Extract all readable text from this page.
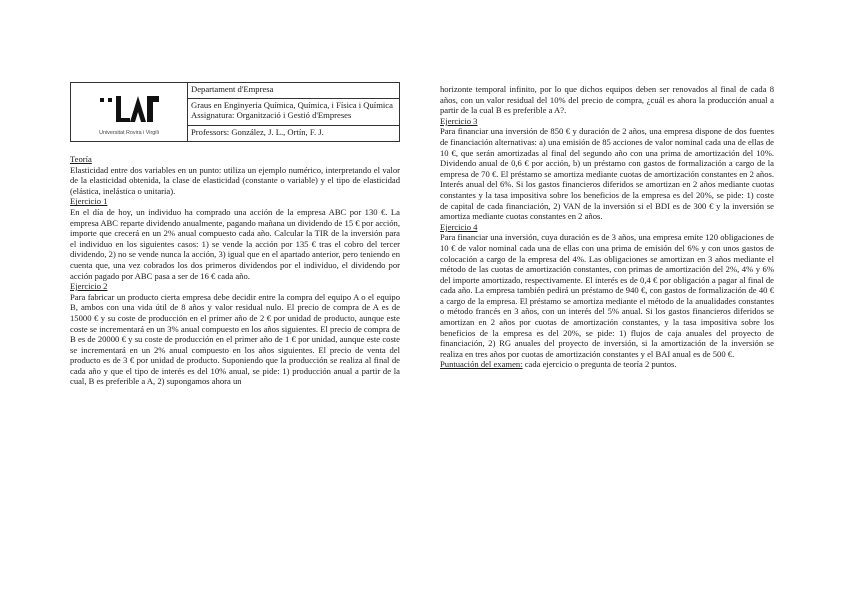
Universitat Rovira i Virgili
	Departament d'Empresa

Graus en Enginyeria Química, Química, i Física i Química
Assignatura: Organització i Gestió d'Empreses

Professors: González, J. L., Ortín, F. J.

Teoría

Elasticidad entre dos variables en un punto: utiliza un ejemplo numérico, interpretando el valor de la elasticidad obtenida, la clase de elasticidad (constante o variable) y el tipo de elasticidad (elástica, inelástica o unitaria).

Ejercicio 1

En el día de hoy, un individuo ha comprado una acción de la empresa ABC por 130 €. La empresa ABC reparte dividendo anualmente, pagando mañana un dividendo de 15 € por acción, importe que crecerá en un 2% anual compuesto cada año. Calcular la TIR de la inversión para el individuo en los siguientes casos: 1) se vende la acción por 135 € tras el cobro del tercer dividendo, 2) no se vende nunca la acción, 3) igual que en el apartado anterior, pero teniendo en cuenta que, una vez cobrados los dos primeros dividendos por el individuo, el dividendo por acción pagado por ABC pasa a ser de 16 € cada año.

Ejercicio 2

Para fabricar un producto cierta empresa debe decidir entre la compra del equipo A o el equipo B, ambos con una vida útil de 8 años y valor residual nulo. El precio de compra de A es de 15000 € y su coste de producción en el primer año de 2 € por unidad de producto, aunque este coste se incrementará en un 3% anual compuesto en los años siguientes. El precio de compra de B es de 20000 € y su coste de producción en el primer año de 1 € por unidad, aunque este coste se incrementará en un 2% anual compuesto en los años siguientes. El precio de venta del producto es de 3 € por unidad de producto. Suponiendo que la producción se realiza al final de cada año y que el tipo de interés es del 10% anual, se pide: 1) producción anual a partir de la cual, B es preferible a A, 2) supongamos ahora un

horizonte temporal infinito, por lo que dichos equipos deben ser renovados al final de cada 8 años, con un valor residual del 10% del precio de compra, ¿cuál es ahora la producción anual a partir de la cual B es preferible a A?.

Ejercicio 3

Para financiar una inversión de 850 € y duración de 2 años, una empresa dispone de dos fuentes de financiación alternativas: a) una emisión de 85 acciones de valor nominal cada una de ellas de 10 €, que serán amortizadas al final del segundo año con una prima de amortización del 10%. Dividendo anual de 0,6 € por acción, b) un préstamo con gastos de formalización a cargo de la empresa de 70 €. El préstamo se amortiza mediante cuotas de amortización constantes en 2 años. Interés anual del 6%. Si los gastos financieros diferidos se amortizan en 2 años mediante cuotas constantes y la tasa impositiva sobre los beneficios de la empresa es del 20%, se pide: 1) coste de capital de cada financiación, 2) VAN de la inversión si el BDI es de 300 € y la inversión se amortiza mediante cuotas constantes en 2 años.

Ejercicio 4

Para financiar una inversión, cuya duración es de 3 años, una empresa emite 120 obligaciones de 10 € de valor nominal cada una de ellas con una prima de emisión del 6% y con unos gastos de colocación a cargo de la empresa del 4%. Las obligaciones se amortizan en 3 años mediante el método de las cuotas de amortización constantes, con primas de amortización del 2%, 4% y 6% del importe amortizado, respectivamente. El interés es de 0,4 € por obligación a pagar al final de cada año. La empresa también pedirá un préstamo de 940 €, con gastos de formalización de 40 € a cargo de la empresa. El préstamo se amortiza mediante el método de la anualidades constantes o método francés en 3 años, con un interés del 5% anual. Si los gastos financieros diferidos se amortizan en 2 años por cuotas de amortización constantes, y la tasa impositiva sobre los beneficios de la empresa es del 20%, se pide: 1) flujos de caja anuales del proyecto de financiación, 2) RG anuales del proyecto de inversión, si la amortización de la inversión se realiza en tres años por cuotas de amortización constantes y el BAI anual es de 500 €.

Puntuación del examen: cada ejercicio o pregunta de teoría 2 puntos.
